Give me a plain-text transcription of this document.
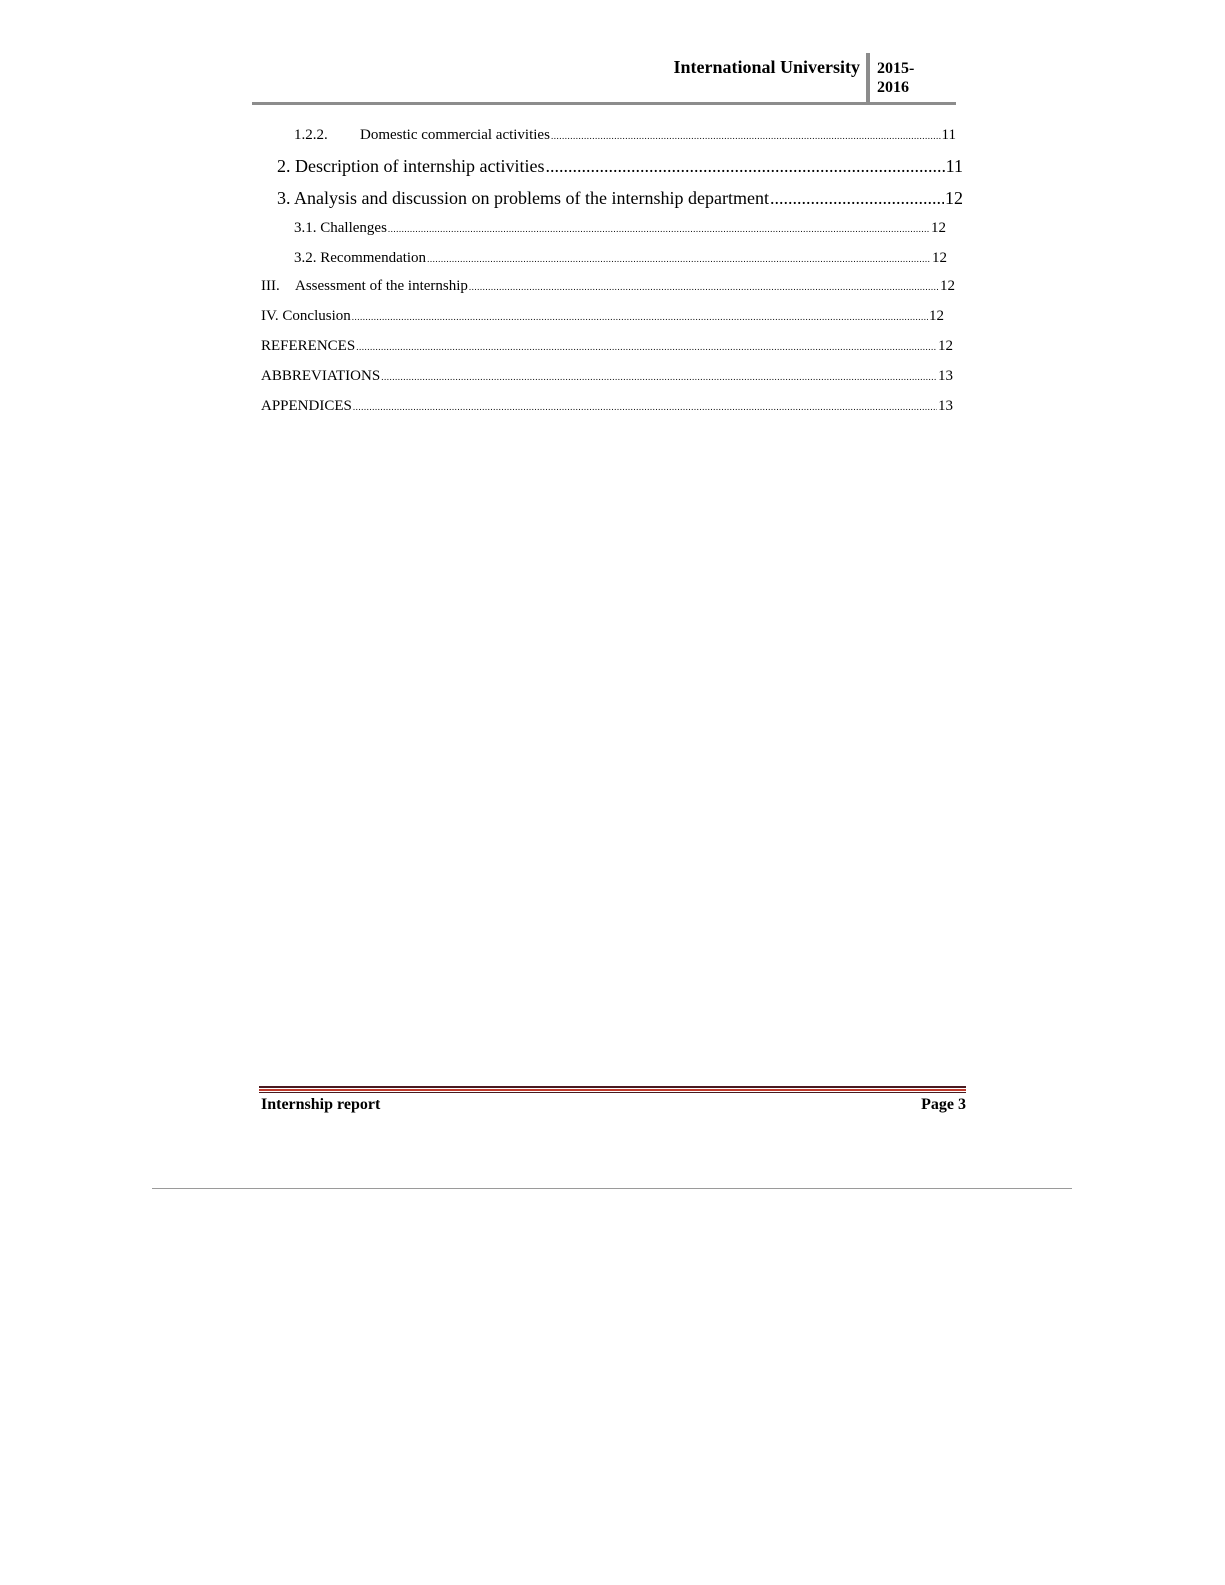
International University 2015-
2016
1.2.2. Domestic commercial activities .....	11
2. Description of internship activities .....	11
3. Analysis and discussion on problems of the internship department .....	12
3.1. Challenges .....	12
3.2. Recommendation .....	12
III. Assessment of the internship .....	12
IV. Conclusion .....	12
REFERENCES .....	12
ABBREVIATIONS .....	13
APPENDICES .....	13
Internship report	Page 3
